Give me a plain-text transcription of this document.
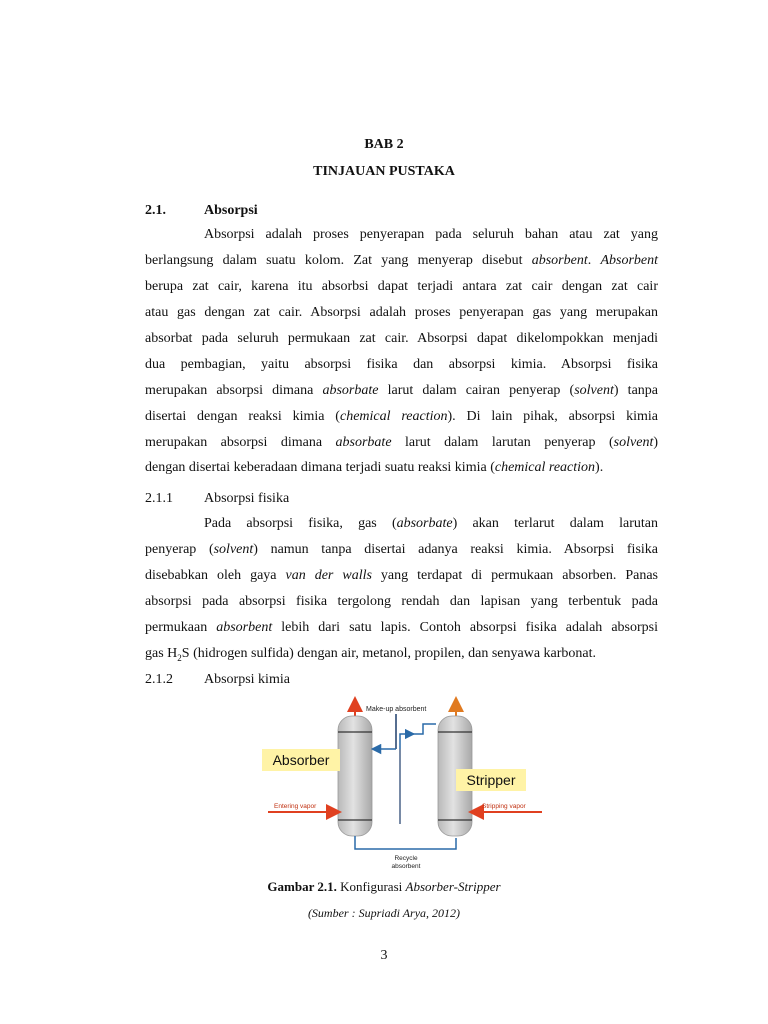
BAB 2
TINJAUAN PUSTAKA
2.1.	Absorpsi
Absorpsi adalah proses penyerapan pada seluruh bahan atau zat yang
berlangsung dalam suatu kolom. Zat yang menyerap disebut absorbent. Absorbent
berupa zat cair, karena itu absorbsi dapat terjadi antara zat cair dengan zat cair
atau gas dengan zat cair. Absorpsi adalah proses penyerapan gas yang merupakan
absorbat pada seluruh permukaan zat cair. Absorpsi dapat dikelompokkan menjadi
dua pembagian, yaitu absorpsi fisika dan absorpsi kimia. Absorpsi fisika
merupakan absorpsi dimana absorbate larut dalam cairan penyerap (solvent) tanpa
disertai dengan reaksi kimia (chemical reaction). Di lain pihak, absorpsi kimia
merupakan absorpsi dimana absorbate larut dalam larutan penyerap (solvent)
dengan disertai keberadaan dimana terjadi suatu reaksi kimia (chemical reaction).
2.1.1 Absorpsi fisika
Pada absorpsi fisika, gas (absorbate) akan terlarut dalam larutan
penyerap (solvent) namun tanpa disertai adanya reaksi kimia. Absorpsi fisika
disebabkan oleh gaya van der walls yang terdapat di permukaan absorben. Panas
absorpsi pada absorpsi fisika tergolong rendah dan lapisan yang terbentuk pada
permukaan absorbent lebih dari satu lapis. Contoh absorpsi fisika adalah absorpsi
gas $H_2S$ (hidrogen sulfida) dengan air, metanol, propilen, dan senyawa karbonat.
2.1.2 Absorpsi kimia
Absorber
Stripper
Make-up absorbent
Entering vapor	Stripping vapor
Recycle
absorbent
Gambar 2.1. Konfigurasi Absorber-Stripper
(Sumber : Supriadi Arya, 2012)
3
